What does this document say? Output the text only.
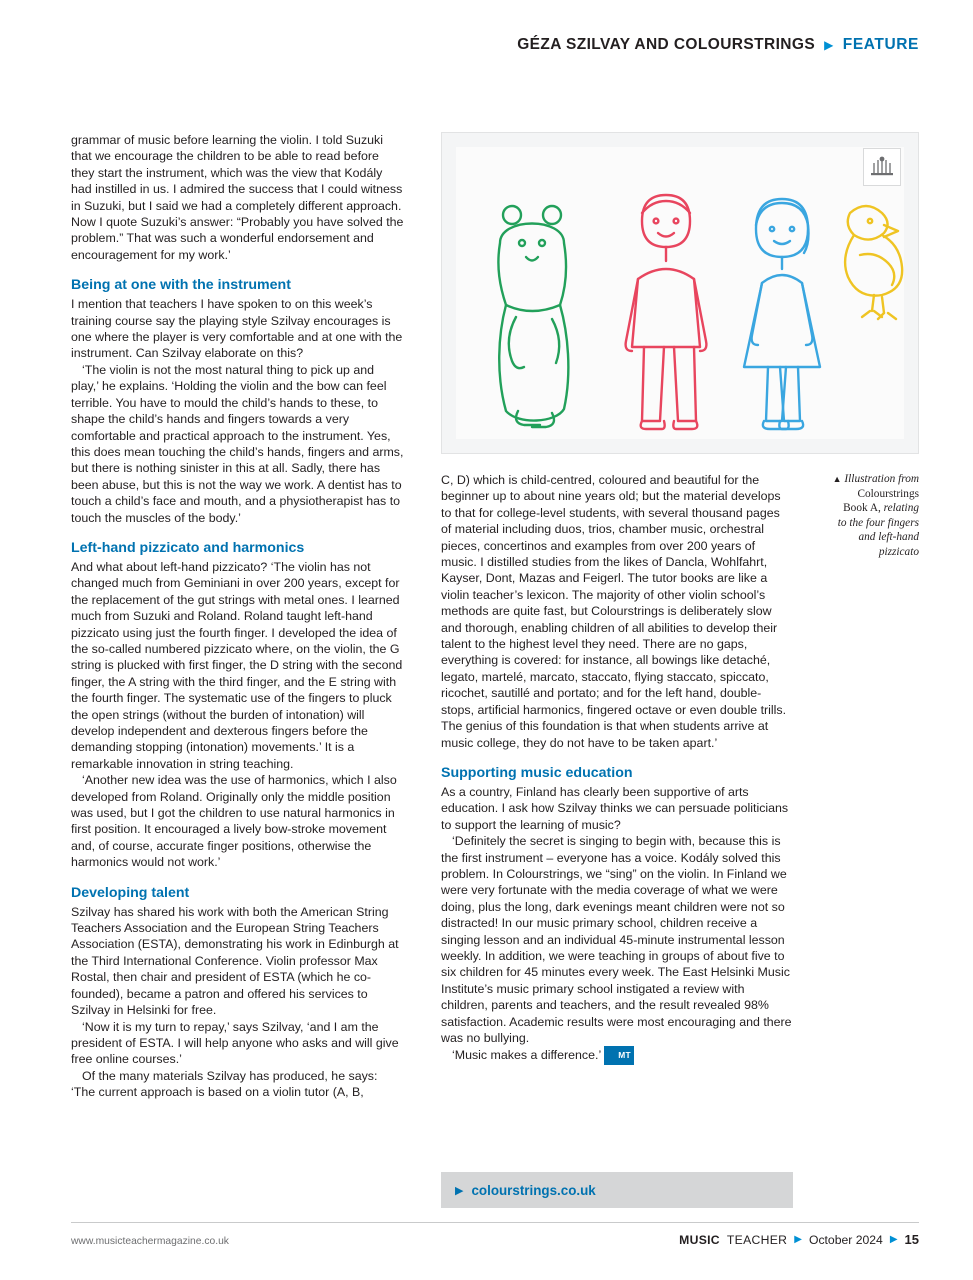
GÉZA SZILVAY AND COLOURSTRINGS ▶ FEATURE

grammar of music before learning the violin. I told Suzuki that we encourage the children to be able to read before they start the instrument, which was the view that Kodály had instilled in us. I admired the success that I could witness in Suzuki, but I said we had a completely different approach. Now I quote Suzuki’s answer: “Probably you have solved the problem.” That was such a wonderful endorsement and encouragement for my work.’

Being at one with the instrument

I mention that teachers I have spoken to on this week’s training course say the playing style Szilvay encourages is one where the player is very comfortable and at one with the instrument. Can Szilvay elaborate on this?

‘The violin is not the most natural thing to pick up and play,’ he explains. ‘Holding the violin and the bow can feel terrible. You have to mould the child’s hands to these, to shape the child’s hands and fingers towards a very comfortable and practical approach to the instrument. Yes, this does mean touching the child’s hands, fingers and arms, but there is nothing sinister in this at all. Sadly, there has been abuse, but this is not the way we work. A dentist has to touch a child’s face and mouth, and a physiotherapist has to touch the muscles of the body.’

Left-hand pizzicato and harmonics

And what about left-hand pizzicato? ‘The violin has not changed much from Geminiani in over 200 years, except for the replacement of the gut strings with metal ones. I learned much from Suzuki and Roland. Roland taught left-hand pizzicato using just the fourth finger. I developed the idea of the so-called numbered pizzicato where, on the violin, the G string is plucked with first finger, the D string with the second finger, the A string with the third finger, and the E string with the fourth finger. The systematic use of the fingers to pluck the open strings (without the burden of intonation) will develop independent and dexterous fingers before the demanding stopping (intonation) movements.’ It is a remarkable innovation in string teaching.

‘Another new idea was the use of harmonics, which I also developed from Roland. Originally only the middle position was used, but I got the children to use natural harmonics in first position. It encouraged a lively bow-stroke movement and, of course, accurate finger positions, otherwise the harmonics would not work.’

Developing talent

Szilvay has shared his work with both the American String Teachers Association and the European String Teachers Association (ESTA), demonstrating his work in Edinburgh at the Third International Conference. Violin professor Max Rostal, then chair and president of ESTA (which he co-founded), became a patron and offered his services to Szilvay in Helsinki for free.

‘Now it is my turn to repay,’ says Szilvay, ‘and I am the president of ESTA. I will help anyone who asks and will give free online courses.’

Of the many materials Szilvay has produced, he says: ‘The current approach is based on a violin tutor (A, B,

▲ Illustration from
Colourstrings
Book A, relating
to the four fingers
and left-hand
pizzicato

C, D) which is child-centred, coloured and beautiful for the beginner up to about nine years old; but the material develops to that for college-level students, with several thousand pages of material including duos, trios, chamber music, orchestral pieces, concertinos and examples from over 200 years of music. I distilled studies from the likes of Dancla, Wohlfahrt, Kayser, Dont, Mazas and Feigerl. The tutor books are like a violin teacher’s lexicon. The majority of other violin school’s methods are quite fast, but Colourstrings is deliberately slow and thorough, enabling children of all abilities to develop their talent to the highest level they need. There are no gaps, everything is covered: for instance, all bowings like detaché, legato, martelé, marcato, staccato, flying staccato, spiccato, ricochet, sautillé and portato; and for the left hand, double-stops, artificial harmonics, fingered octave or even double trills. The genius of this foundation is that when students arrive at music college, they do not have to be taken apart.’

Supporting music education

As a country, Finland has clearly been supportive of arts education. I ask how Szilvay thinks we can persuade politicians to support the learning of music?

‘Definitely the secret is singing to begin with, because this is the first instrument – everyone has a voice. Kodály solved this problem. In Colourstrings, we “sing” on the violin. In Finland we were very fortunate with the media coverage of what we were doing, plus the long, dark evenings meant children were not so distracted! In our music primary school, children receive a singing lesson and an individual 45-minute instrumental lesson weekly. In addition, we were teaching in groups of about five to six children for 45 minutes every week. The East Helsinki Music Institute’s music primary school instigated a review with children, parents and teachers, and the result revealed 98% satisfaction. Academic results were most encouraging and there was no bullying.

‘Music makes a difference.’ MT

▶ colourstrings.co.uk
www.musicteachermagazine.co.uk	MUSIC TEACHER ▶ October 2024 ▶ 15
